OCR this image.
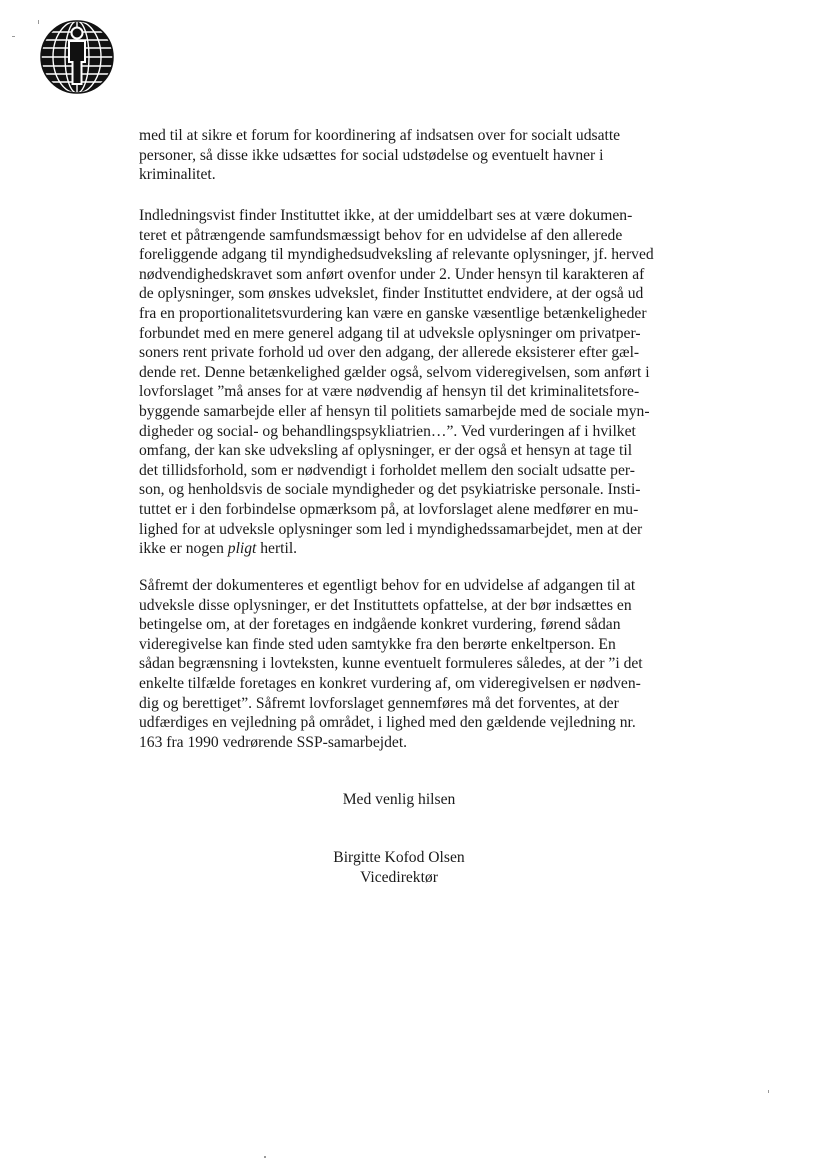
med til at sikre et forum for koordinering af indsatsen over for socialt udsatte
personer, så disse ikke udsættes for social udstødelse og eventuelt havner i
kriminalitet.
Indledningsvist finder Instituttet ikke, at der umiddelbart ses at være dokumen-
teret et påtrængende samfundsmæssigt behov for en udvidelse af den allerede
foreliggende adgang til myndighedsudveksling af relevante oplysninger, jf. herved
nødvendighedskravet som anført ovenfor under 2. Under hensyn til karakteren af
de oplysninger, som ønskes udvekslet, finder Instituttet endvidere, at der også ud
fra en proportionalitetsvurdering kan være en ganske væsentlige betænkeligheder
forbundet med en mere generel adgang til at udveksle oplysninger om privatper-
soners rent private forhold ud over den adgang, der allerede eksisterer efter gæl-
dende ret. Denne betænkelighed gælder også, selvom videregivelsen, som anført i
lovforslaget ”må anses for at være nødvendig af hensyn til det kriminalitetsfore-
byggende samarbejde eller af hensyn til politiets samarbejde med de sociale myn-
digheder og social- og behandlingspsykliatrien…”. Ved vurderingen af i hvilket
omfang, der kan ske udveksling af oplysninger, er der også et hensyn at tage til
det tillidsforhold, som er nødvendigt i forholdet mellem den socialt udsatte per-
son, og henholdsvis de sociale myndigheder og det psykiatriske personale. Insti-
tuttet er i den forbindelse opmærksom på, at lovforslaget alene medfører en mu-
lighed for at udveksle oplysninger som led i myndighedssamarbejdet, men at der
ikke er nogen pligt hertil.
Såfremt der dokumenteres et egentligt behov for en udvidelse af adgangen til at
udveksle disse oplysninger, er det Instituttets opfattelse, at der bør indsættes en
betingelse om, at der foretages en indgående konkret vurdering, førend sådan
videregivelse kan finde sted uden samtykke fra den berørte enkeltperson. En
sådan begrænsning i lovteksten, kunne eventuelt formuleres således, at der ”i det
enkelte tilfælde foretages en konkret vurdering af, om videregivelsen er nødven-
dig og berettiget”. Såfremt lovforslaget gennemføres må det forventes, at der
udfærdiges en vejledning på området, i lighed med den gældende vejledning nr.
163 fra 1990 vedrørende SSP-samarbejdet.
Med venlig hilsen
Birgitte Kofod Olsen
Vicedirektør
